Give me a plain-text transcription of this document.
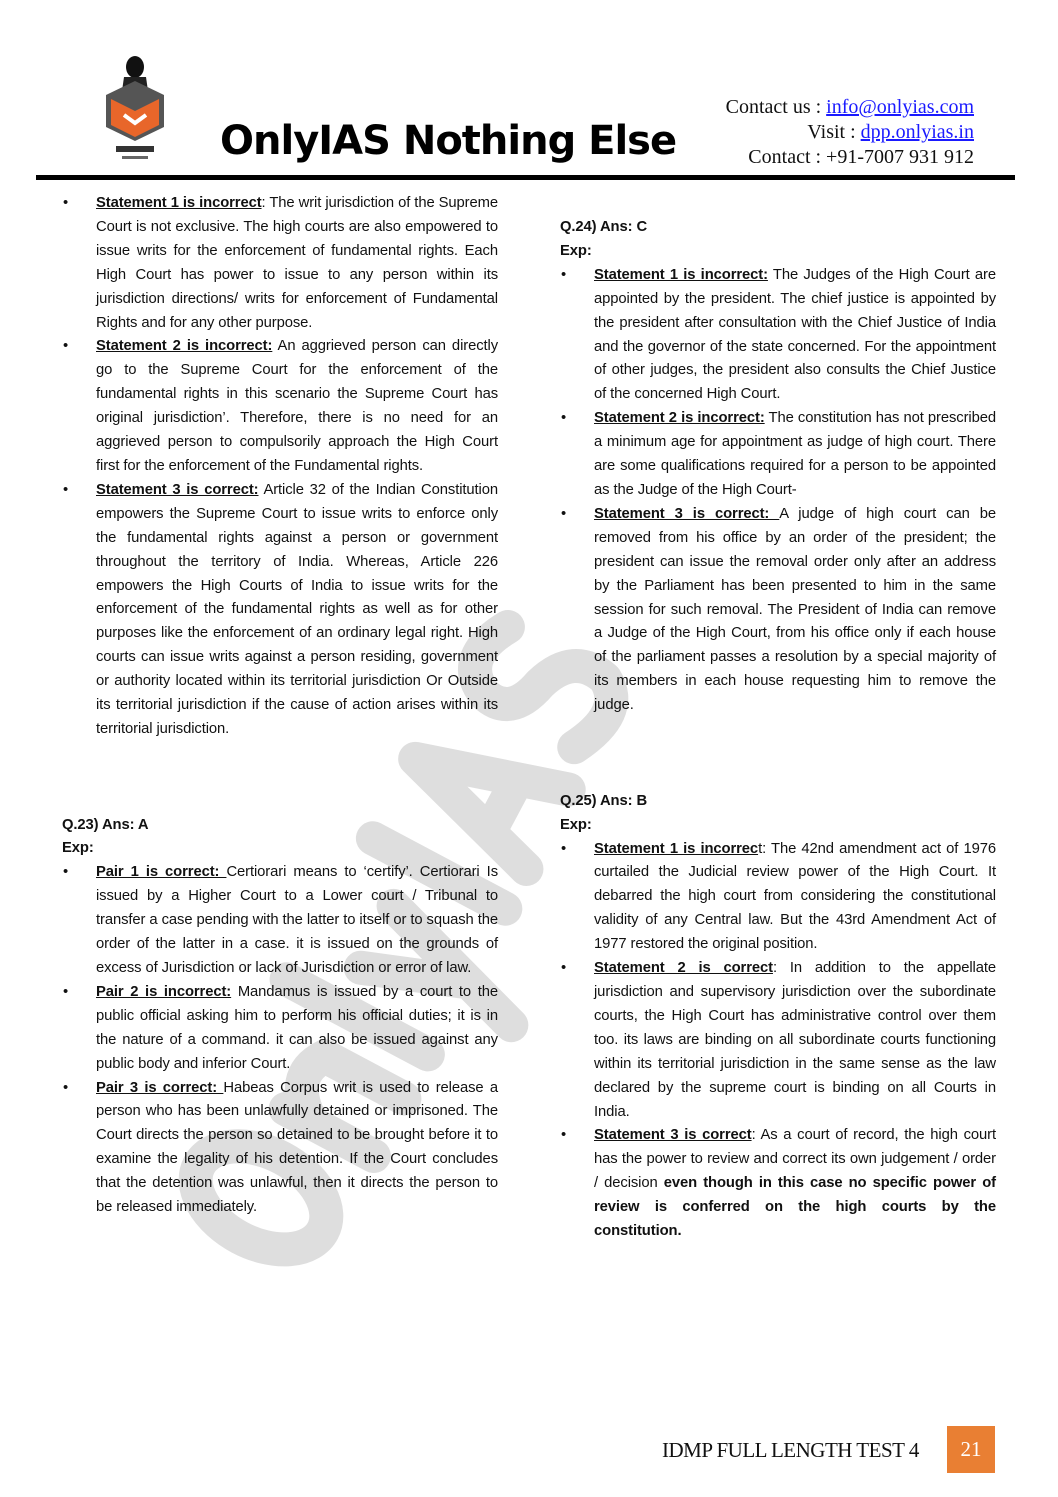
OnlyIAS Nothing Else
Contact us : info@onlyias.com
Visit : dpp.onlyias.in
Contact : +91-7007 931 912
• Statement 1 is incorrect: The writ jurisdiction of the Supreme Court is not exclusive. The high courts are also empowered to issue writs for the enforcement of fundamental rights. Each High Court has power to issue to any person within its jurisdiction directions/ writs for enforcement of Fundamental Rights and for any other purpose.
• Statement 2 is incorrect: An aggrieved person can directly go to the Supreme Court for the enforcement of the fundamental rights in this scenario the Supreme Court has original jurisdiction’. Therefore, there is no need for an aggrieved person to compulsorily approach the High Court first for the enforcement of the Fundamental rights.
• Statement 3 is correct: Article 32 of the Indian Constitution empowers the Supreme Court to issue writs to enforce only the fundamental rights against a person or government throughout the territory of India. Whereas, Article 226 empowers the High Courts of India to issue writs for the enforcement of the fundamental rights as well as for other purposes like the enforcement of an ordinary legal right. High courts can issue writs against a person residing, government or authority located within its territorial jurisdiction Or Outside its territorial jurisdiction if the cause of action arises within its territorial jurisdiction.
Q.23) Ans: A
Exp:
• Pair 1 is correct: Certiorari means to ‘certify’. Certiorari Is issued by a Higher Court to a Lower court / Tribunal to transfer a case pending with the latter to itself or to squash the order of the latter in a case. it is issued on the grounds of excess of Jurisdiction or lack of Jurisdiction or error of law.
• Pair 2 is incorrect: Mandamus is issued by a court to the public official asking him to perform his official duties; it is in the nature of a command. it can also be issued against any public body and inferior Court.
• Pair 3 is correct: Habeas Corpus writ is used to release a person who has been unlawfully detained or imprisoned. The Court directs the person so detained to be brought before it to examine the legality of his detention. If the Court concludes that the detention was unlawful, then it directs the person to be released immediately.
Q.24) Ans: C
Exp:
• Statement 1 is incorrect: The Judges of the High Court are appointed by the president. The chief justice is appointed by the president after consultation with the Chief Justice of India and the governor of the state concerned. For the appointment of other judges, the president also consults the Chief Justice of the concerned High Court.
• Statement 2 is incorrect: The constitution has not prescribed a minimum age for appointment as judge of high court. There are some qualifications required for a person to be appointed as the Judge of the High Court-
• Statement 3 is correct: A judge of high court can be removed from his office by an order of the president; the president can issue the removal order only after an address by the Parliament has been presented to him in the same session for such removal. The President of India can remove a Judge of the High Court, from his office only if each house of the parliament passes a resolution by a special majority of its members in each house requesting him to remove the judge.
Q.25) Ans: B
Exp:
• Statement 1 is incorrect: The 42nd amendment act of 1976 curtailed the Judicial review power of the High Court. It debarred the high court from considering the constitutional validity of any Central law. But the 43rd Amendment Act of 1977 restored the original position.
• Statement 2 is correct: In addition to the appellate jurisdiction and supervisory jurisdiction over the subordinate courts, the High Court has administrative control over them too. its laws are binding on all subordinate courts functioning within its territorial jurisdiction in the same sense as the law declared by the supreme court is binding on all Courts in India.
• Statement 3 is correct: As a court of record, the high court has the power to review and correct its own judgement / order / decision even though in this case no specific power of review is conferred on the high courts by the constitution.
IDMP FULL LENGTH TEST 4	21
